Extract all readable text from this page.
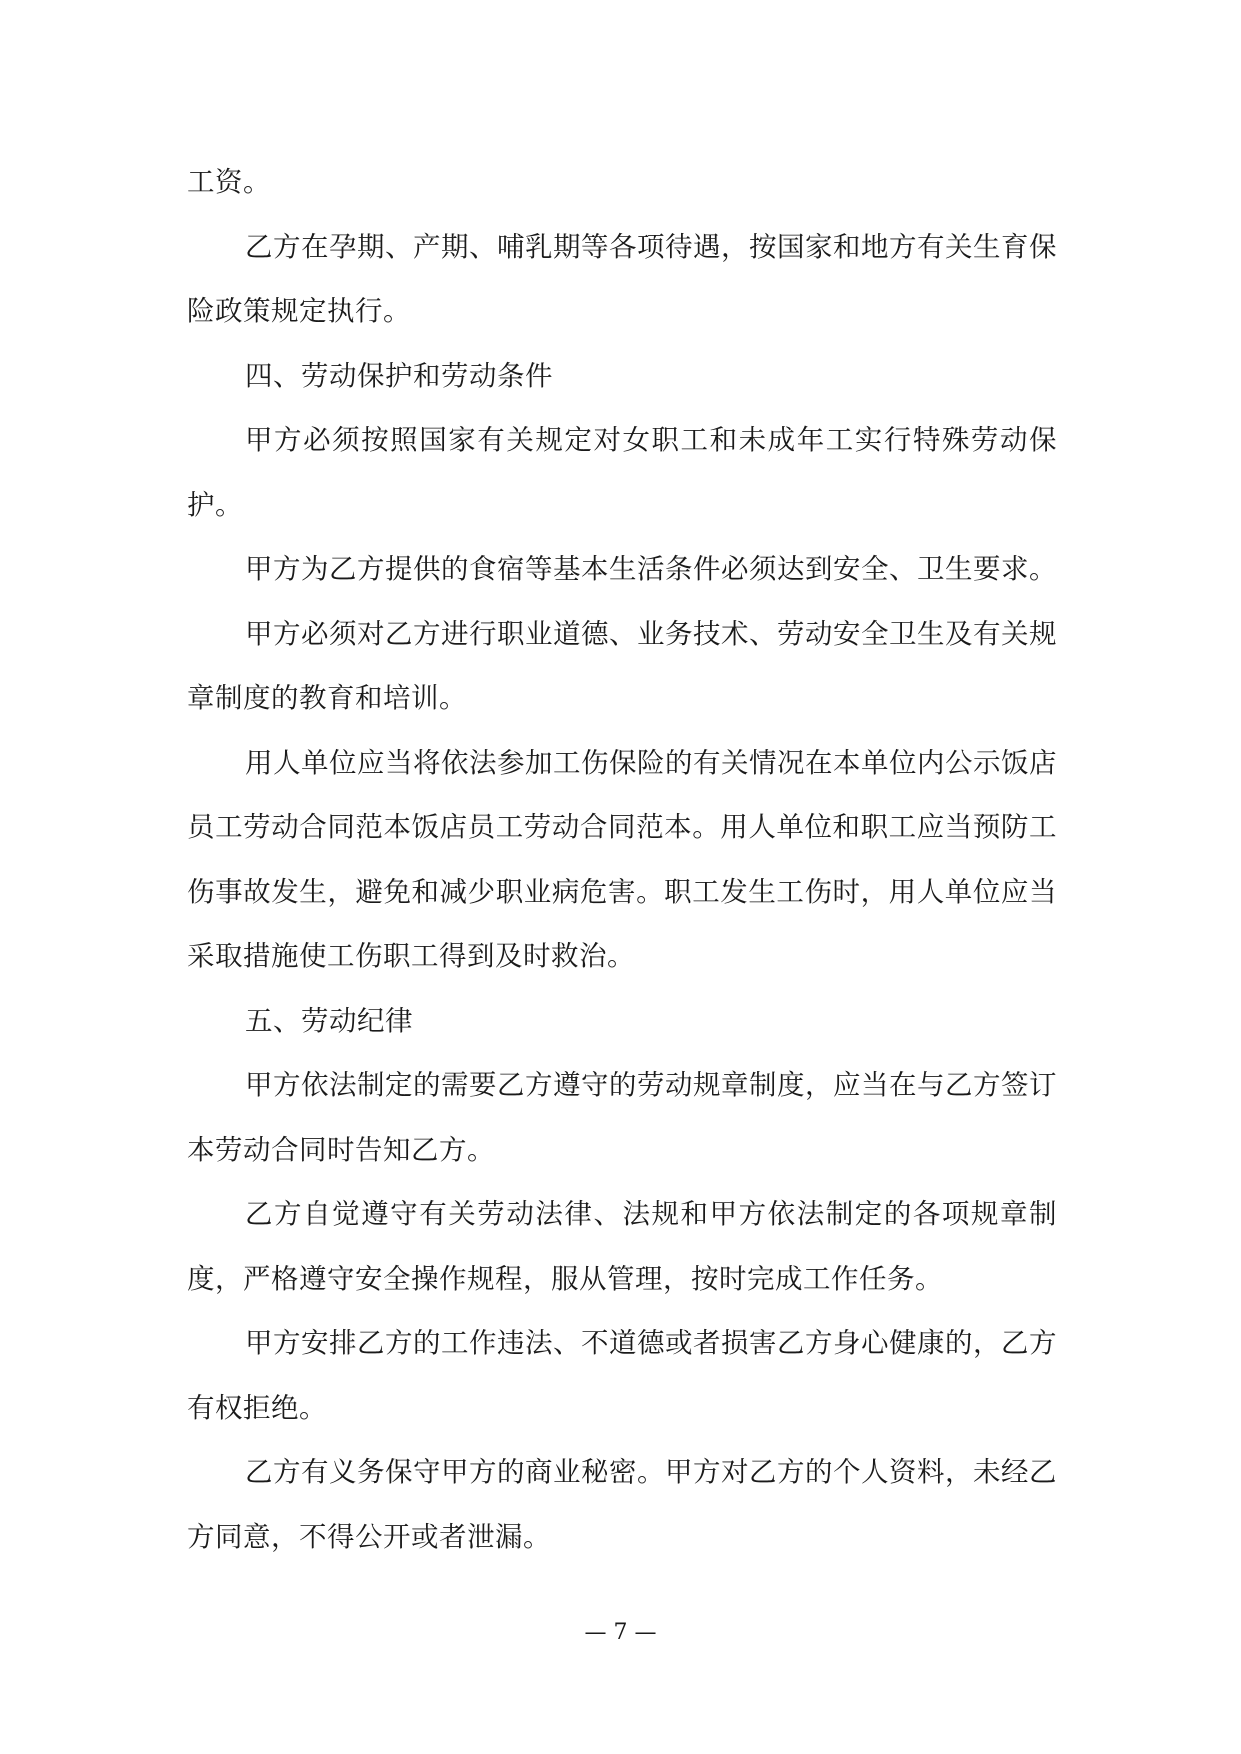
工资。

乙方在孕期、产期、哺乳期等各项待遇，按国家和地方有关生育保险政策规定执行。

四、劳动保护和劳动条件

甲方必须按照国家有关规定对女职工和未成年工实行特殊劳动保护。

甲方为乙方提供的食宿等基本生活条件必须达到安全、卫生要求。

甲方必须对乙方进行职业道德、业务技术、劳动安全卫生及有关规章制度的教育和培训。

用人单位应当将依法参加工伤保险的有关情况在本单位内公示饭店员工劳动合同范本饭店员工劳动合同范本。用人单位和职工应当预防工伤事故发生，避免和减少职业病危害。职工发生工伤时，用人单位应当采取措施使工伤职工得到及时救治。

五、劳动纪律

甲方依法制定的需要乙方遵守的劳动规章制度，应当在与乙方签订本劳动合同时告知乙方。

乙方自觉遵守有关劳动法律、法规和甲方依法制定的各项规章制度，严格遵守安全操作规程，服从管理，按时完成工作任务。

甲方安排乙方的工作违法、不道德或者损害乙方身心健康的，乙方有权拒绝。

乙方有义务保守甲方的商业秘密。甲方对乙方的个人资料，未经乙方同意，不得公开或者泄漏。

— 7 —
